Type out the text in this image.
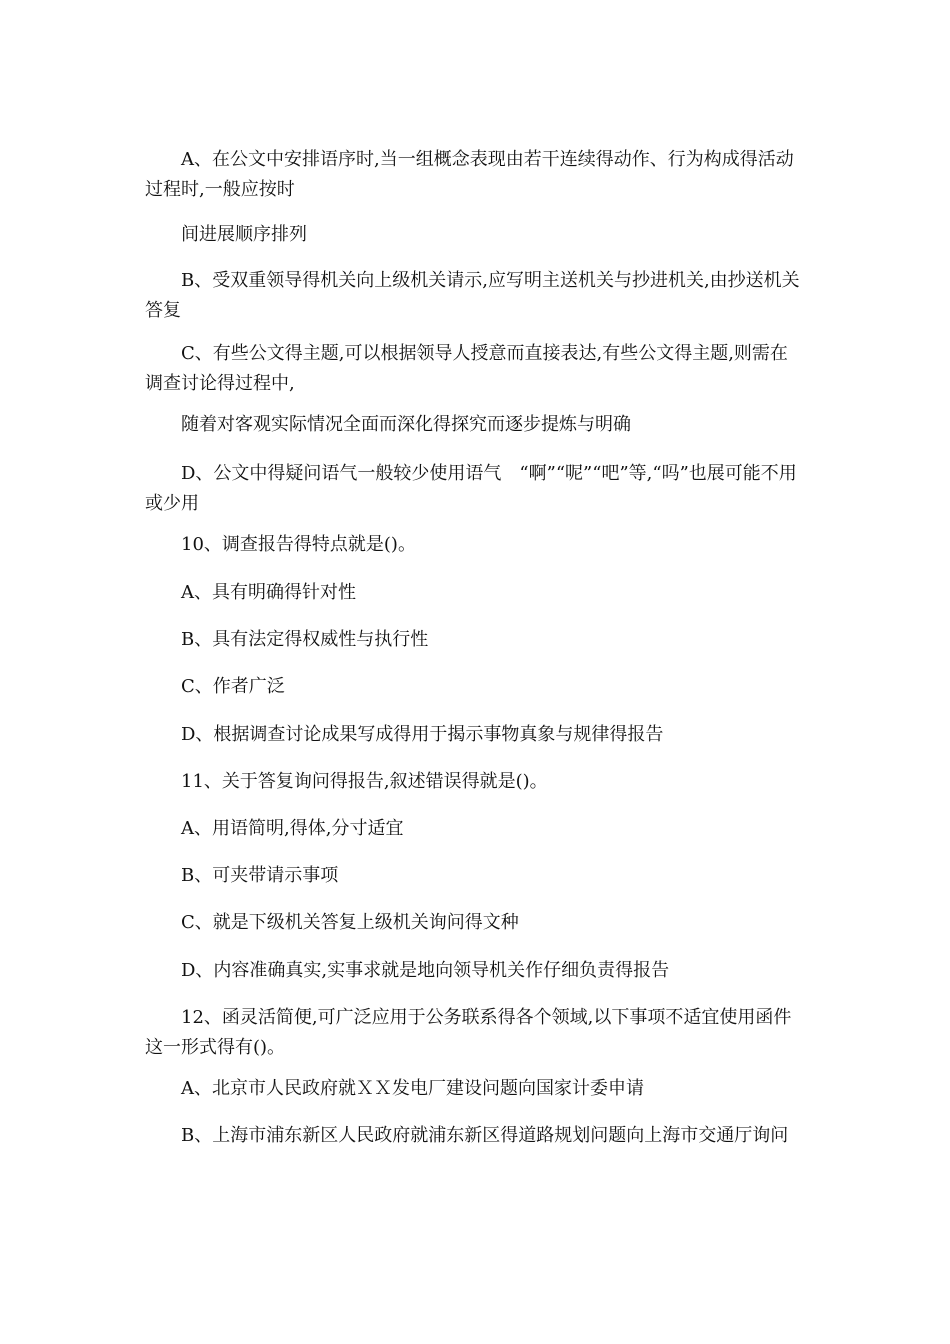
A、在公文中安排语序时,当一组概念表现由若干连续得动作、行为构成得活动过程时,一般应按时

间进展顺序排列

B、受双重领导得机关向上级机关请示,应写明主送机关与抄进机关,由抄送机关答复

C、有些公文得主题,可以根据领导人授意而直接表达,有些公文得主题,则需在调查讨论得过程中,

随着对客观实际情况全面而深化得探究而逐步提炼与明确

D、公文中得疑问语气一般较少使用语气　“啊”“呢”“吧”等,“吗”也展可能不用或少用

10、调查报告得特点就是()。

A、具有明确得针对性

B、具有法定得权威性与执行性

C、作者广泛

D、根据调查讨论成果写成得用于揭示事物真象与规律得报告

11、关于答复询问得报告,叙述错误得就是()。

A、用语简明,得体,分寸适宜

B、可夹带请示事项

C、就是下级机关答复上级机关询问得文种

D、内容准确真实,实事求就是地向领导机关作仔细负责得报告

12、函灵活简便,可广泛应用于公务联系得各个领域,以下事项不适宜使用函件这一形式得有()。

A、北京市人民政府就ＸＸ发电厂建设问题向国家计委申请

B、上海市浦东新区人民政府就浦东新区得道路规划问题向上海市交通厅询问
